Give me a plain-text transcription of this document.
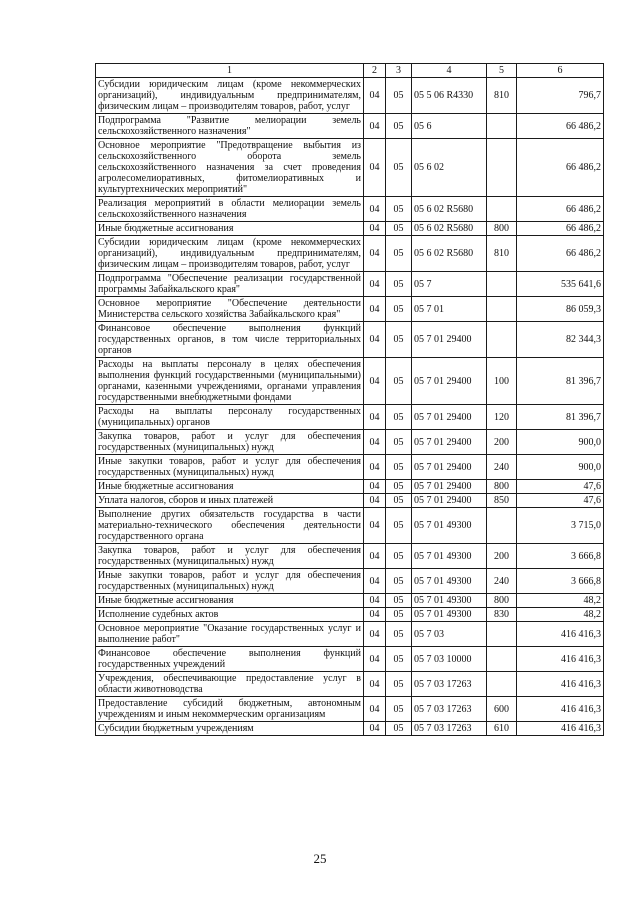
1	2	3	4	5	6
Субсидии юридическим лицам (кроме некоммерческих организаций), индивидуальным предпринимателям, физическим лицам – производителям товаров, работ, услуг	04	05	05 5 06 R4330	810	796,7
Подпрограмма "Развитие мелиорации земель сельскохозяйственного назначения"	04	05	05 6		66 486,2
Основное мероприятие "Предотвращение выбытия из сельскохозяйственного оборота земель сельскохозяйственного назначения за счет проведения агролесомелиоративных, фитомелиоративных и культуртехнических мероприятий"	04	05	05 6 02		66 486,2
Реализация мероприятий в области мелиорации земель сельскохозяйственного назначения	04	05	05 6 02 R5680		66 486,2
Иные бюджетные ассигнования	04	05	05 6 02 R5680	800	66 486,2
Субсидии юридическим лицам (кроме некоммерческих организаций), индивидуальным предпринимателям, физическим лицам – производителям товаров, работ, услуг	04	05	05 6 02 R5680	810	66 486,2
Подпрограмма "Обеспечение реализации государственной программы Забайкальского края"	04	05	05 7		535 641,6
Основное мероприятие "Обеспечение деятельности Министерства сельского хозяйства Забайкальского края"	04	05	05 7 01		86 059,3
Финансовое обеспечение выполнения функций государственных органов, в том числе территориальных органов	04	05	05 7 01 29400		82 344,3
Расходы на выплаты персоналу в целях обеспечения выполнения функций государственными (муниципальными) органами, казенными учреждениями, органами управления государственными внебюджетными фондами	04	05	05 7 01 29400	100	81 396,7
Расходы на выплаты персоналу государственных (муниципальных) органов	04	05	05 7 01 29400	120	81 396,7
Закупка товаров, работ и услуг для обеспечения государственных (муниципальных) нужд	04	05	05 7 01 29400	200	900,0
Иные закупки товаров, работ и услуг для обеспечения государственных (муниципальных) нужд	04	05	05 7 01 29400	240	900,0
Иные бюджетные ассигнования	04	05	05 7 01 29400	800	47,6
Уплата налогов, сборов и иных платежей	04	05	05 7 01 29400	850	47,6
Выполнение других обязательств государства в части материально-технического обеспечения деятельности государственного органа	04	05	05 7 01 49300		3 715,0
Закупка товаров, работ и услуг для обеспечения государственных (муниципальных) нужд	04	05	05 7 01 49300	200	3 666,8
Иные закупки товаров, работ и услуг для обеспечения государственных (муниципальных) нужд	04	05	05 7 01 49300	240	3 666,8
Иные бюджетные ассигнования	04	05	05 7 01 49300	800	48,2
Исполнение судебных актов	04	05	05 7 01 49300	830	48,2
Основное мероприятие "Оказание государственных услуг и выполнение работ"	04	05	05 7 03		416 416,3
Финансовое обеспечение выполнения функций государственных учреждений	04	05	05 7 03 10000		416 416,3
Учреждения, обеспечивающие предоставление услуг в области животноводства	04	05	05 7 03 17263		416 416,3
Предоставление субсидий бюджетным, автономным учреждениям и иным некоммерческим организациям	04	05	05 7 03 17263	600	416 416,3
Субсидии бюджетным учреждениям	04	05	05 7 03 17263	610	416 416,3
25
